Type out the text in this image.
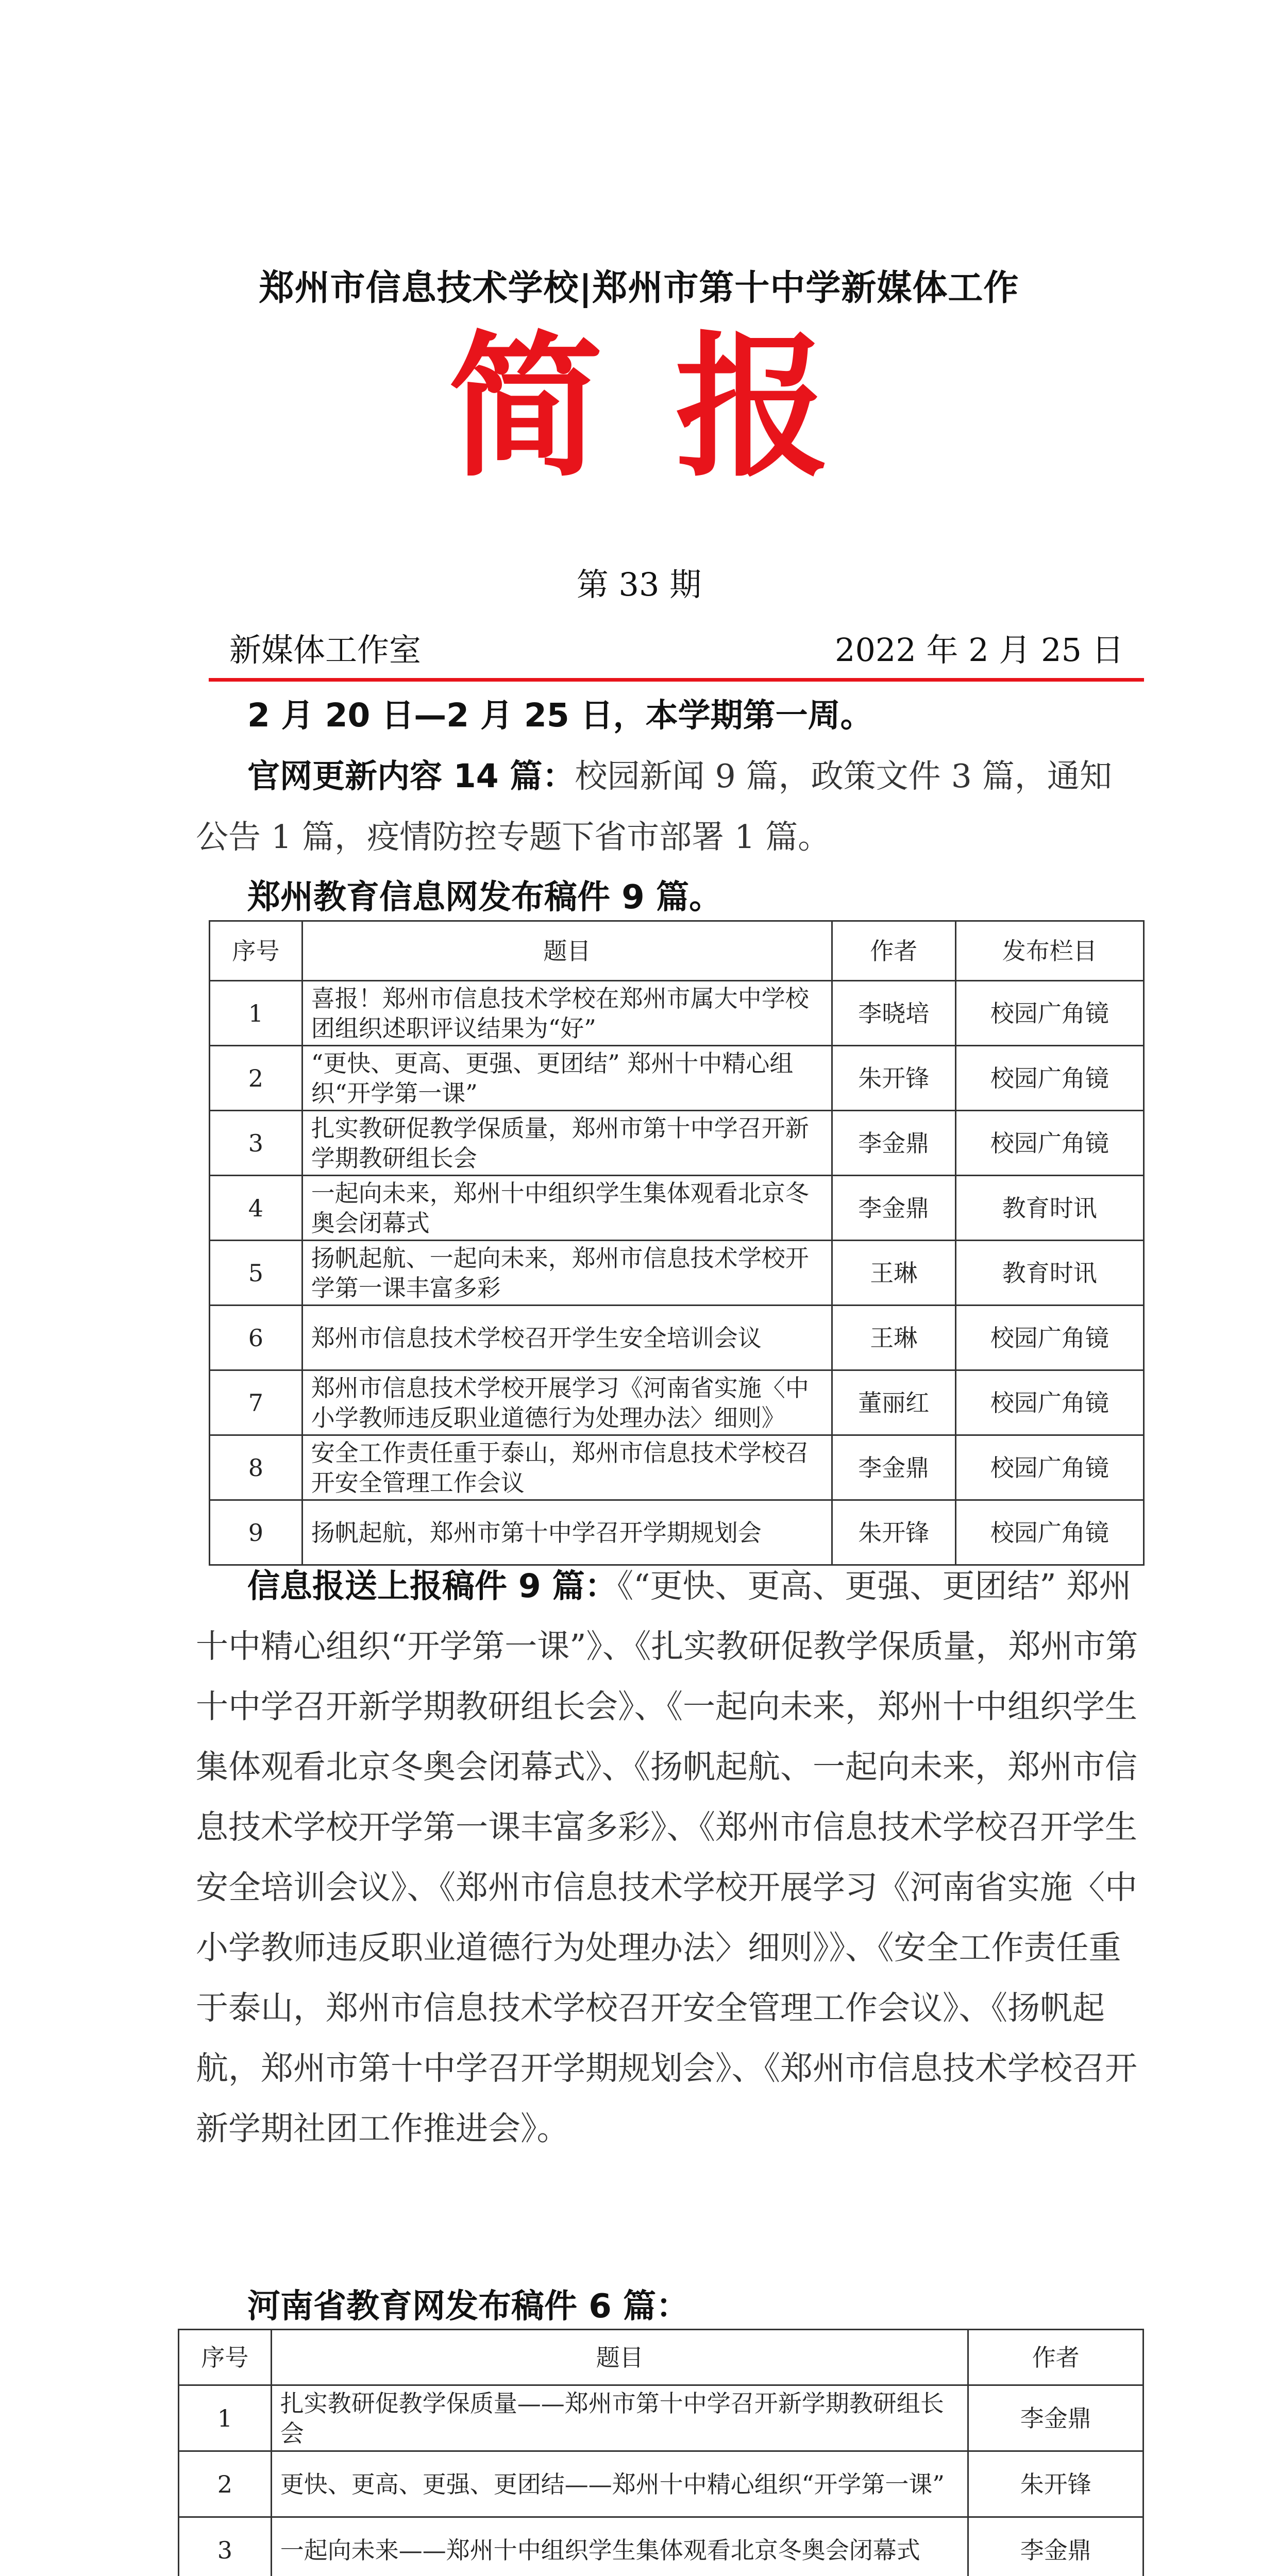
郑州市信息技术学校|郑州市第十中学新媒体工作
简报
第 33 期
新媒体工作室	2022 年 2 月 25 日
2 月 20 日—2 月 25 日，本学期第一周。
官网更新内容 14 篇：校园新闻 9 篇，政策文件 3 篇，通知公告 1 篇，疫情防控专题下省市部署 1 篇。
郑州教育信息网发布稿件 9 篇。
序号	题目	作者	发布栏目
1	喜报！郑州市信息技术学校在郑州市属大中学校团组织述职评议结果为“好”	李晓培	校园广角镜
2	“更快、更高、更强、更团结” 郑州十中精心组织“开学第一课”	朱开锋	校园广角镜
3	扎实教研促教学保质量，郑州市第十中学召开新学期教研组长会	李金鼎	校园广角镜
4	一起向未来，郑州十中组织学生集体观看北京冬奥会闭幕式	李金鼎	教育时讯
5	扬帆起航、一起向未来，郑州市信息技术学校开学第一课丰富多彩	王琳	教育时讯
6	郑州市信息技术学校召开学生安全培训会议	王琳	校园广角镜
7	郑州市信息技术学校开展学习《河南省实施〈中小学教师违反职业道德行为处理办法〉细则》	董丽红	校园广角镜
8	安全工作责任重于泰山，郑州市信息技术学校召开安全管理工作会议	李金鼎	校园广角镜
9	扬帆起航，郑州市第十中学召开学期规划会	朱开锋	校园广角镜
信息报送上报稿件 9 篇：《“更快、更高、更强、更团结” 郑州十中精心组织“开学第一课”》、《扎实教研促教学保质量，郑州市第十中学召开新学期教研组长会》、《一起向未来，郑州十中组织学生集体观看北京冬奥会闭幕式》、《扬帆起航、一起向未来，郑州市信息技术学校开学第一课丰富多彩》、《郑州市信息技术学校召开学生安全培训会议》、《郑州市信息技术学校开展学习《河南省实施〈中小学教师违反职业道德行为处理办法〉细则》》、《安全工作责任重于泰山，郑州市信息技术学校召开安全管理工作会议》、《扬帆起航，郑州市第十中学召开学期规划会》、《郑州市信息技术学校召开新学期社团工作推进会》。
河南省教育网发布稿件 6 篇：
序号	题目	作者
1	扎实教研促教学保质量——郑州市第十中学召开新学期教研组长会	李金鼎
2	更快、更高、更强、更团结——郑州十中精心组织“开学第一课”	朱开锋
3	一起向未来——郑州十中组织学生集体观看北京冬奥会闭幕式	李金鼎
